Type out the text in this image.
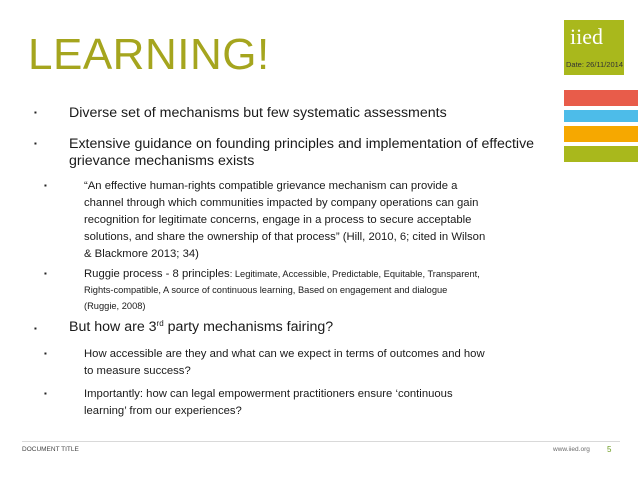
LEARNING!	iied
Date: 26/11/2014
▪ Diverse set of mechanisms but few systematic assessments
▪ Extensive guidance on founding principles and implementation of effective
grievance mechanisms exists
▪	“An effective human-rights compatible grievance mechanism can provide a
channel through which communities impacted by company operations can gain
recognition for legitimate concerns, engage in a process to secure acceptable
solutions, and share the ownership of that process” (Hill, 2010, 6; cited in Wilson
& Blackmore 2013; 34)
▪	Ruggie process - 8 principles: Legitimate, Accessible, Predictable, Equitable, Transparent,
Rights-compatible, A source of continuous learning, Based on engagement and dialogue
(Ruggie, 2008)
▪ But how are 3rd party mechanisms fairing?
▪	How accessible are they and what can we expect in terms of outcomes and how
to measure success?
▪	Importantly: how can legal empowerment practitioners ensure ‘continuous
learning’ from our experiences?
DOCUMENT TITLE	www.iied.org 5
